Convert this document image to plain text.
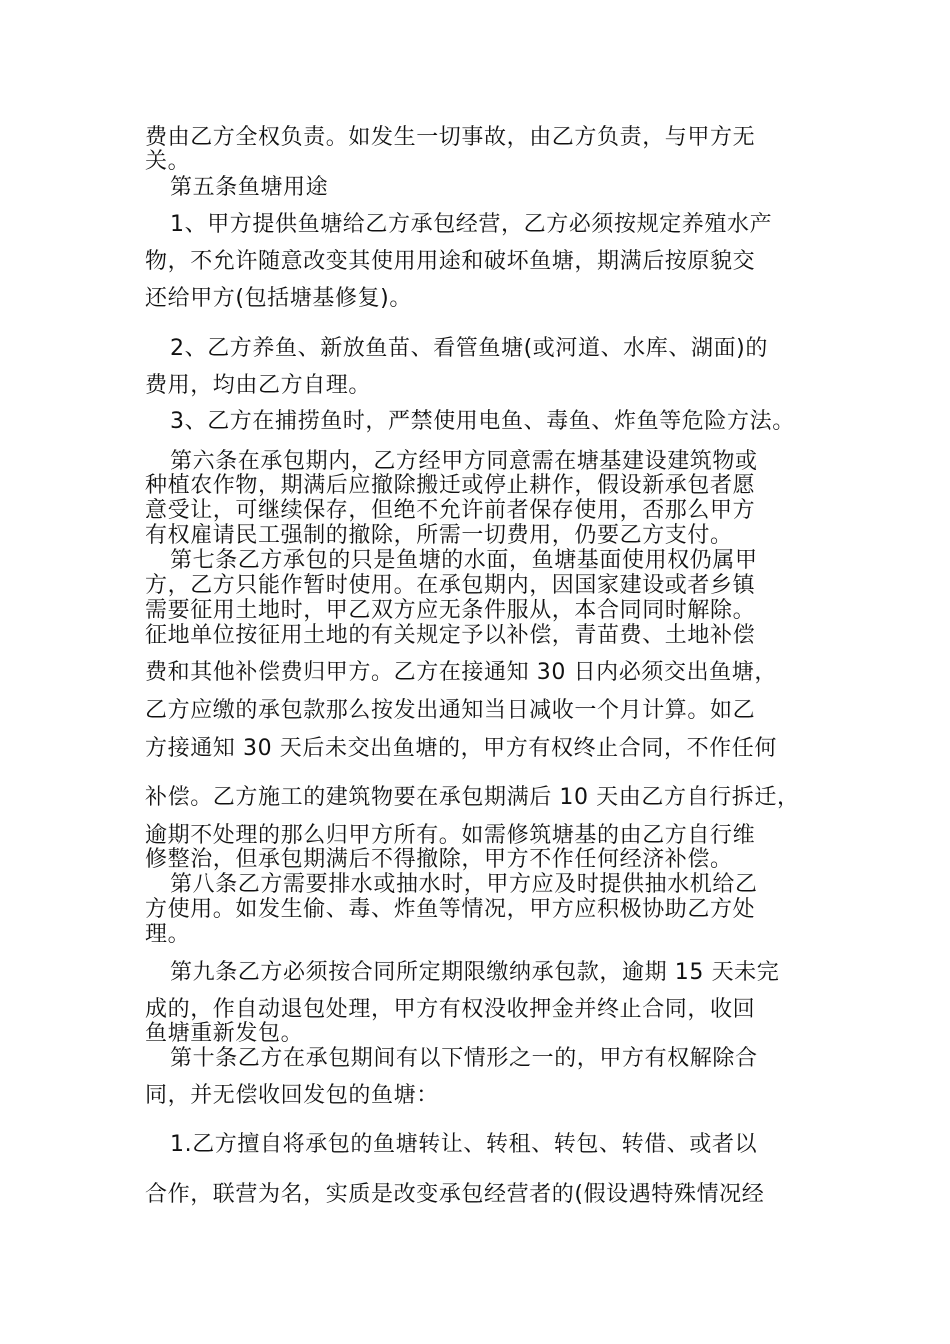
费由乙方全权负责。如发生一切事故，由乙方负责，与甲方无
关。
第五条鱼塘用途
1、甲方提供鱼塘给乙方承包经营，乙方必须按规定养殖水产
物，不允许随意改变其使用用途和破坏鱼塘，期满后按原貌交
还给甲方(包括塘基修复)。
2、乙方养鱼、新放鱼苗、看管鱼塘(或河道、水库、湖面)的
费用，均由乙方自理。
3、乙方在捕捞鱼时，严禁使用电鱼、毒鱼、炸鱼等危险方法。
第六条在承包期内，乙方经甲方同意需在塘基建设建筑物或
种植农作物，期满后应撤除搬迁或停止耕作，假设新承包者愿
意受让，可继续保存，但绝不允许前者保存使用，否那么甲方
有权雇请民工强制的撤除，所需一切费用，仍要乙方支付。
第七条乙方承包的只是鱼塘的水面，鱼塘基面使用权仍属甲
方，乙方只能作暂时使用。在承包期内，因国家建设或者乡镇
需要征用土地时，甲乙双方应无条件服从，本合同同时解除。
征地单位按征用土地的有关规定予以补偿，青苗费、土地补偿
费和其他补偿费归甲方。乙方在接通知 30 日内必须交出鱼塘，
乙方应缴的承包款那么按发出通知当日减收一个月计算。如乙
方接通知 30 天后未交出鱼塘的，甲方有权终止合同，不作任何
补偿。乙方施工的建筑物要在承包期满后 10 天由乙方自行拆迁，
逾期不处理的那么归甲方所有。如需修筑塘基的由乙方自行维
修整治，但承包期满后不得撤除，甲方不作任何经济补偿。
第八条乙方需要排水或抽水时，甲方应及时提供抽水机给乙
方使用。如发生偷、毒、炸鱼等情况，甲方应积极协助乙方处
理。
第九条乙方必须按合同所定期限缴纳承包款，逾期 15 天未完
成的，作自动退包处理，甲方有权没收押金并终止合同，收回
鱼塘重新发包。
第十条乙方在承包期间有以下情形之一的，甲方有权解除合
同，并无偿收回发包的鱼塘：
1.乙方擅自将承包的鱼塘转让、转租、转包、转借、或者以
合作，联营为名，实质是改变承包经营者的(假设遇特殊情况经
